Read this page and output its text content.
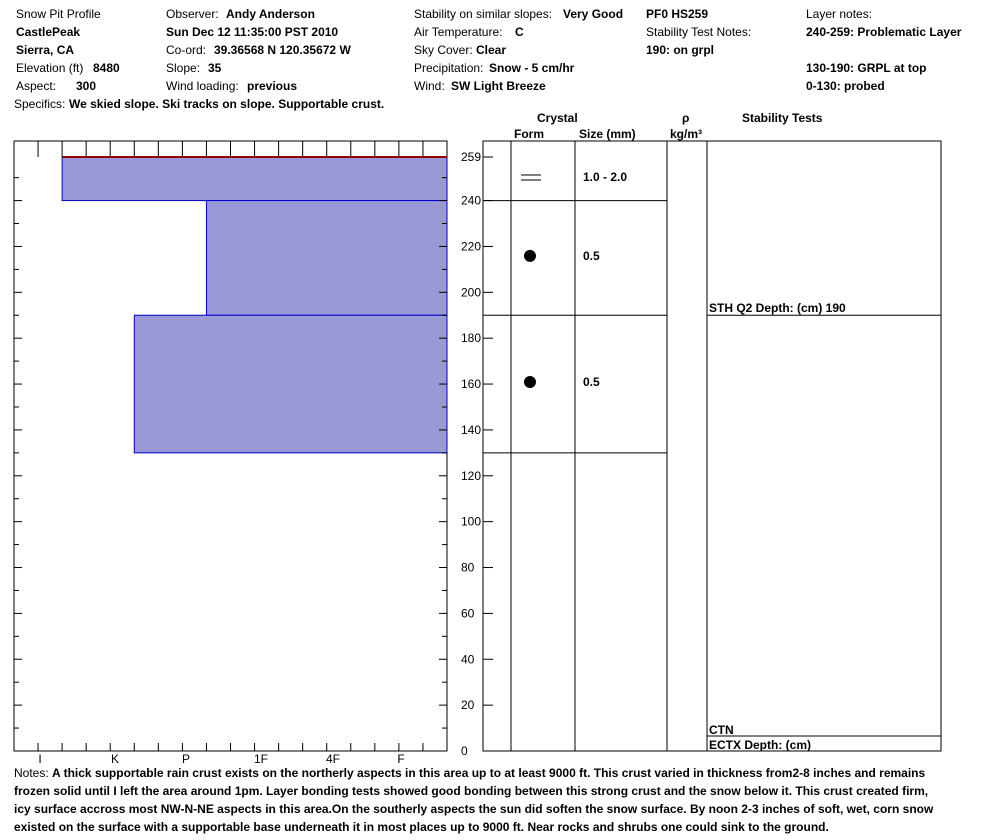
Snow Pit Profile
CastlePeak
Sierra, CA
Elevation (ft) 8480
Aspect: 300
Specifics: We skied slope. Ski tracks on slope. Supportable crust.
Observer: Andy Anderson
Sun Dec 12 11:35:00 PST 2010
Co-ord: 39.36568 N 120.35672 W
Slope: 35
Wind loading: previous
Stability on similar slopes: Very Good
Air Temperature: C
Sky Cover: Clear
Precipitation: Snow - 5 cm/hr
Wind: SW Light Breeze
PF0 HS259
Stability Test Notes:
190: on grpl
Layer notes:
240-259: Problematic Layer
130-190: GRPL at top
0-130: probed
Crystal
Form	Size (mm)
ρ
kg/m³
Stability Tests
0
20
40
60
80
100
120
140
160
180
200
220
240
259
I	K	P	1F	4F	F
1.0 - 2.0
0.5
0.5
STH Q2 Depth: (cm) 190
CTN
ECTX Depth: (cm)
Notes: A thick supportable rain crust exists on the northerly aspects in this area up to at least 9000 ft. This crust varied in thickness from2-8 inches and remains frozen solid until I left the area around 1pm. Layer bonding tests showed good bonding between this strong crust and the snow below it. This crust created firm, icy surface accross most NW-N-NE aspects in this area.On the southerly aspects the sun did soften the snow surface. By noon 2-3 inches of soft, wet, corn snow existed on the surface with a supportable base underneath it in most places up to 9000 ft. Near rocks and shrubs one could sink to the ground.
